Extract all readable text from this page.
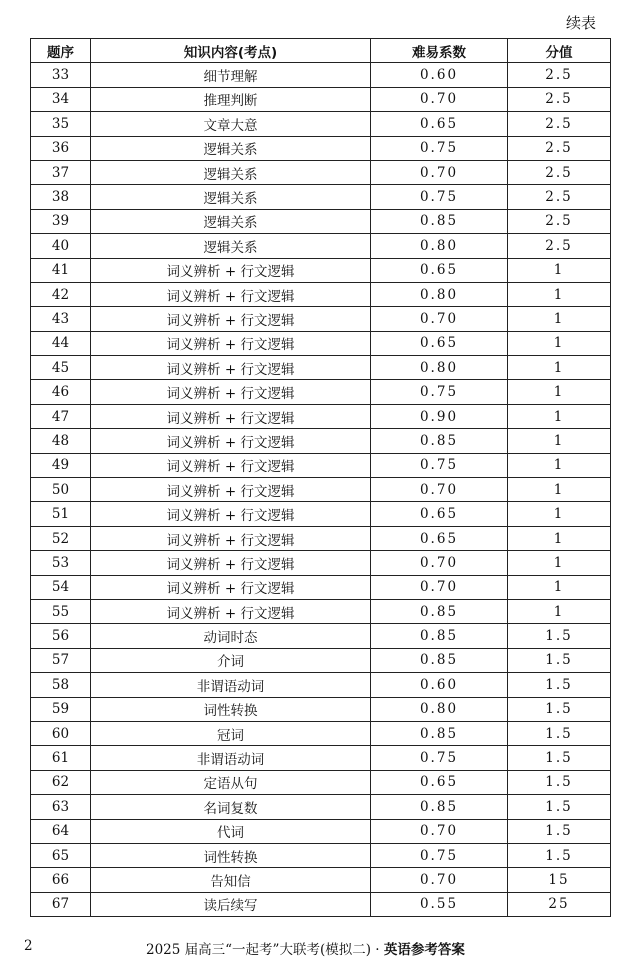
续表
题序	知识内容(考点)	难易系数	分值
33	细节理解	0.60	2.5
34	推理判断	0.70	2.5
35	文章大意	0.65	2.5
36	逻辑关系	0.75	2.5
37	逻辑关系	0.70	2.5
38	逻辑关系	0.75	2.5
39	逻辑关系	0.85	2.5
40	逻辑关系	0.80	2.5
41	词义辨析 + 行文逻辑	0.65	1
42	词义辨析 + 行文逻辑	0.80	1
43	词义辨析 + 行文逻辑	0.70	1
44	词义辨析 + 行文逻辑	0.65	1
45	词义辨析 + 行文逻辑	0.80	1
46	词义辨析 + 行文逻辑	0.75	1
47	词义辨析 + 行文逻辑	0.90	1
48	词义辨析 + 行文逻辑	0.85	1
49	词义辨析 + 行文逻辑	0.75	1
50	词义辨析 + 行文逻辑	0.70	1
51	词义辨析 + 行文逻辑	0.65	1
52	词义辨析 + 行文逻辑	0.65	1
53	词义辨析 + 行文逻辑	0.70	1
54	词义辨析 + 行文逻辑	0.70	1
55	词义辨析 + 行文逻辑	0.85	1
56	动词时态	0.85	1.5
57	介词	0.85	1.5
58	非谓语动词	0.60	1.5
59	词性转换	0.80	1.5
60	冠词	0.85	1.5
61	非谓语动词	0.75	1.5
62	定语从句	0.65	1.5
63	名词复数	0.85	1.5
64	代词	0.70	1.5
65	词性转换	0.75	1.5
66	告知信	0.70	15
67	读后续写	0.55	25
2	2025 届高三“一起考”大联考(模拟二) · 英语参考答案
